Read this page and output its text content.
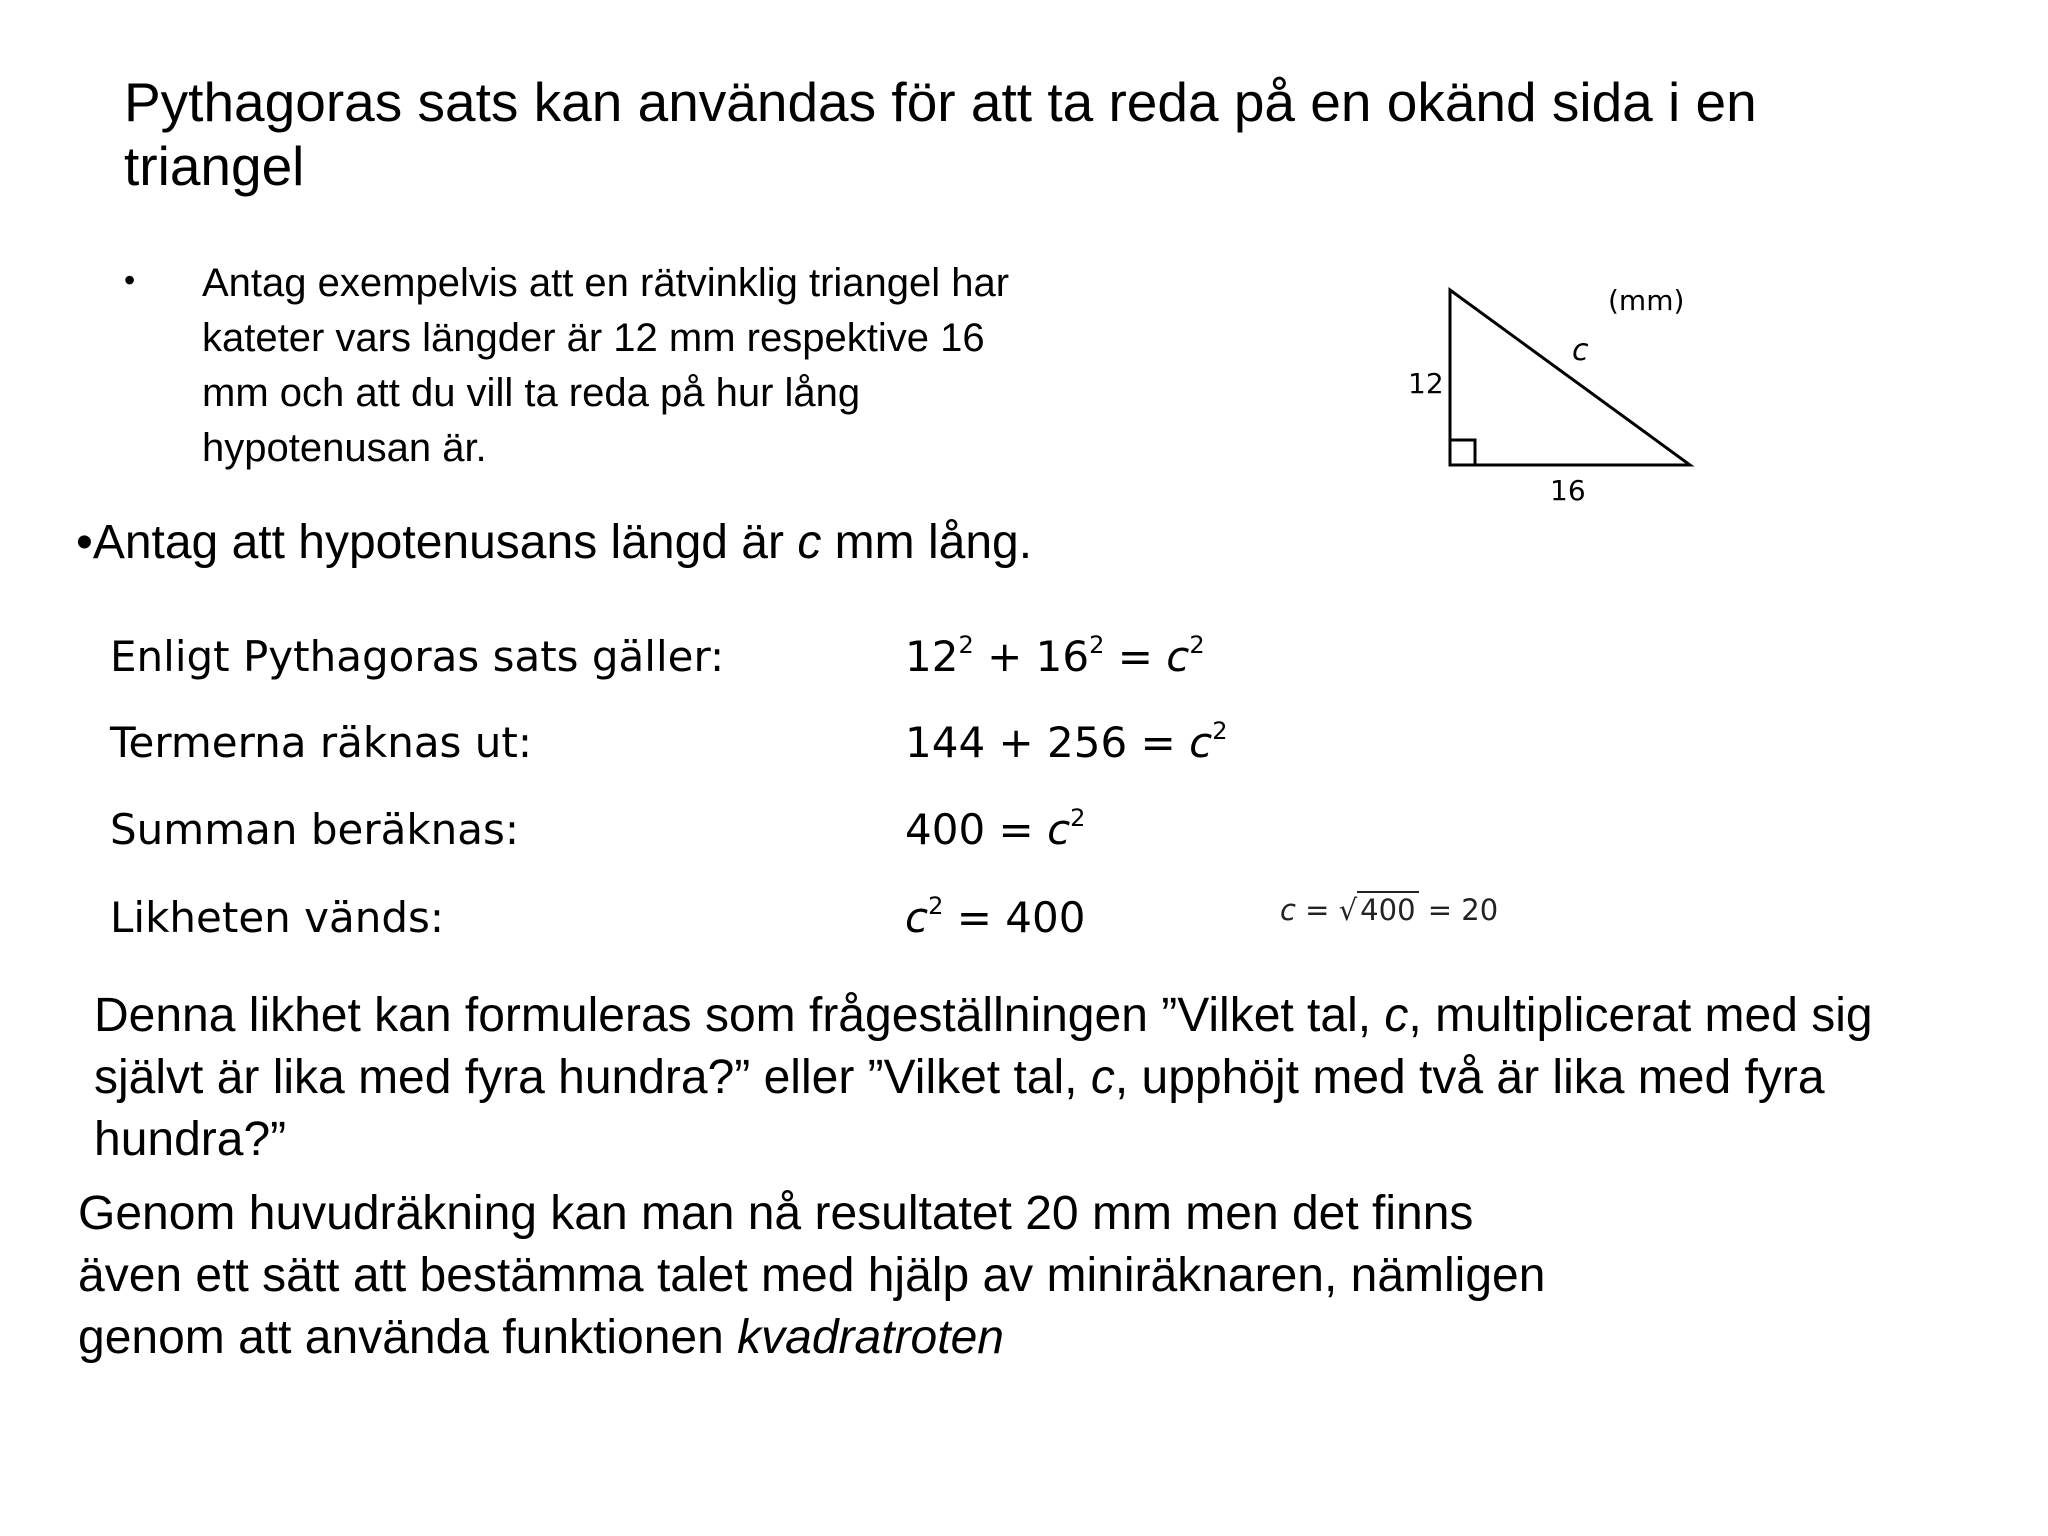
Pythagoras sats kan användas för att ta reda på en okänd sida i en triangel
• Antag exempelvis att en rätvinklig triangel har kateter vars längder är 12 mm respektive 16 mm och att du vill ta reda på hur lång hypotenusan är.
(mm)
12
c
16
•Antag att hypotenusans längd är c mm lång.
Enligt Pythagoras sats gäller:	$12^2 + 16^2 = c^2$
Termerna räknas ut:	$144 + 256 = c^2$
Summan beräknas:	$400 = c^2$
Likheten vänds:	$c^2 = 400$	c = √ 400 = 20
Denna likhet kan formuleras som frågeställningen ”Vilket tal, c, multiplicerat med sig självt är lika med fyra hundra?” eller ”Vilket tal, c, upphöjt med två är lika med fyra hundra?”
Genom huvudräkning kan man nå resultatet 20 mm men det finns även ett sätt att bestämma talet med hjälp av miniräknaren, nämligen genom att använda funktionen kvadratroten
